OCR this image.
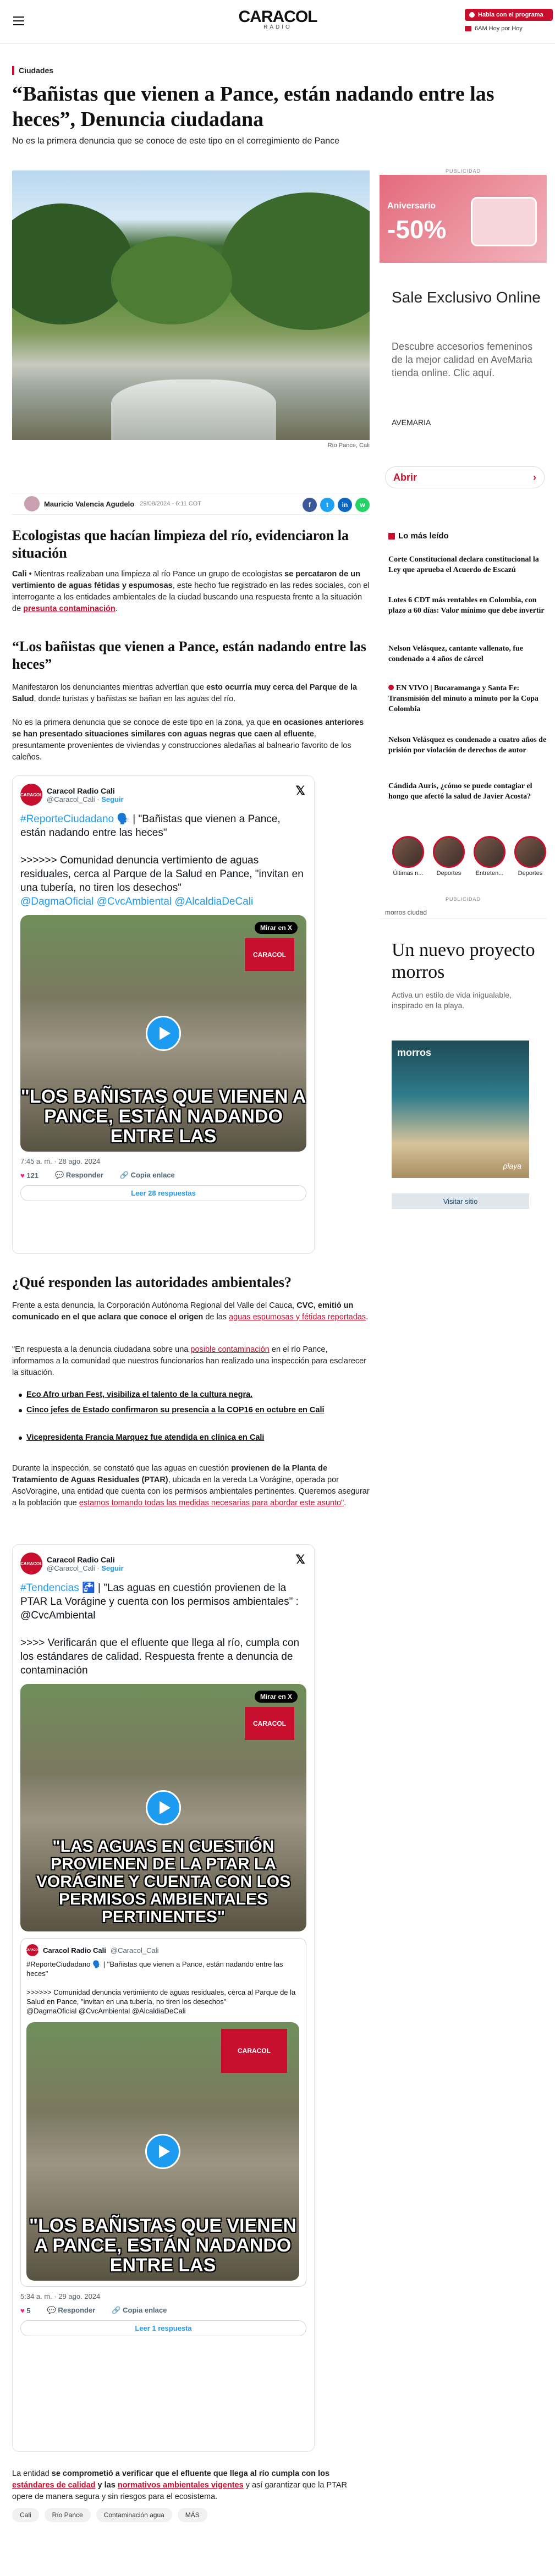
CARACOL
RADIO
Habla con el programa
6AM Hoy por Hoy
Ciudades
“Bañistas que vienen a Pance, están nadando entre las heces”, Denuncia ciudadana
No es la primera denuncia que se conoce de este tipo en el corregimiento de Pance
Río Pance, Cali
Mauricio Valencia Agudelo 29/08/2024 - 6:11 COT	f	t	in	w
Ecologistas que hacían limpieza del río, evidenciaron la situación
Cali • Mientras realizaban una limpieza al río Pance un grupo de ecologistas se percataron de un vertimiento de aguas fétidas y espumosas, este hecho fue registrado en las redes sociales, con el interrogante a los entidades ambientales de la ciudad buscando una respuesta frente a la situación de presunta contaminación.
“Los bañistas que vienen a Pance, están nadando entre las heces”
Manifestaron los denunciantes mientras advertían que esto ocurría muy cerca del Parque de la Salud, donde turistas y bañistas se bañan en las aguas del río.
No es la primera denuncia que se conoce de este tipo en la zona, ya que en ocasiones anteriores se han presentado situaciones similares con aguas negras que caen al efluente, presuntamente provenientes de viviendas y construcciones aledañas al balneario favorito de los caleños.
CARACOL Caracol Radio Cali
@Caracol_Cali · Seguir
𝕏
#ReporteCiudadano 🗣️ | "Bañistas que vienen a Pance, están nadando entre las heces"

>>>>>> Comunidad denuncia vertimiento de aguas residuales, cerca al Parque de la Salud en Pance, "invitan en una tubería, no tiren los desechos"
@DagmaOficial @CvcAmbiental @AlcaldiaDeCali
Mirar en X
CARACOL
"LOS BAÑISTAS QUE VIENEN A PANCE, ESTÁN NADANDO ENTRE LAS
7:45 a. m. · 28 ago. 2024
♥ 121 💬 Responder 🔗 Copia enlace
Leer 28 respuestas
¿Qué responden las autoridades ambientales?
Frente a esta denuncia, la Corporación Autónoma Regional del Valle del Cauca, CVC, emitió un comunicado en el que aclara que conoce el origen de las aguas espumosas y fétidas reportadas.
"En respuesta a la denuncia ciudadana sobre una posible contaminación en el río Pance, informamos a la comunidad que nuestros funcionarios han realizado una inspección para esclarecer la situación.
Eco Afro urban Fest, visibiliza el talento de la cultura negra.
Cinco jefes de Estado confirmaron su presencia a la COP16 en octubre en Cali
Vicepresidenta Francia Marquez fue atendida en clínica en Cali
Durante la inspección, se constató que las aguas en cuestión provienen de la Planta de Tratamiento de Aguas Residuales (PTAR), ubicada en la vereda La Vorágine, operada por AsoVoragine, una entidad que cuenta con los permisos ambientales pertinentes. Queremos asegurar a la población que estamos tomando todas las medidas necesarias para abordar este asunto".
CARACOL Caracol Radio Cali
@Caracol_Cali · Seguir
𝕏
#Tendencias 🚰 | "Las aguas en cuestión provienen de la PTAR La Vorágine y cuenta con los permisos ambientales" : @CvcAmbiental

>>>> Verificarán que el efluente que llega al río, cumpla con los estándares de calidad. Respuesta frente a denuncia de contaminación
Mirar en X
CARACOL
"LAS AGUAS EN CUESTIÓN PROVIENEN DE LA PTAR LA VORÁGINE Y CUENTA CON LOS PERMISOS AMBIENTALES PERTINENTES"
CARACOL Caracol Radio Cali @Caracol_Cali
#ReporteCiudadano 🗣️ | "Bañistas que vienen a Pance, están nadando entre las heces"

>>>>>> Comunidad denuncia vertimiento de aguas residuales, cerca al Parque de la Salud en Pance, "invitan en una tubería, no tiren los desechos"
@DagmaOficial @CvcAmbiental @AlcaldiaDeCali
CARACOL
"LOS BAÑISTAS QUE VIENEN A PANCE, ESTÁN NADANDO ENTRE LAS
5:34 a. m. · 29 ago. 2024
♥ 5 💬 Responder 🔗 Copia enlace
Leer 1 respuesta
La entidad se comprometió a verificar que el efluente que llega al río cumpla con los estándares de calidad y las normativos ambientales vigentes y así garantizar que la PTAR opere de manera segura y sin riesgos para el ecosistema.
Cali	Río Pance	Contaminación agua	MÁS
PUBLICIDAD
Aniversario
-50%
Sale Exclusivo Online
Descubre accesorios femeninos de la mejor calidad en AveMaria tienda online. Clic aquí.
AVEMARIA
Abrir	›
Lo más leído
Corte Constitucional declara constitucional la Ley que aprueba el Acuerdo de Escazú
Lotes 6 CDT más rentables en Colombia, con plazo a 60 días: Valor mínimo que debe invertir
Nelson Velásquez, cantante vallenato, fue condenado a 4 años de cárcel
EN VIVO | Bucaramanga y Santa Fe: Transmisión del minuto a minuto por la Copa Colombia
Nelson Velásquez es condenado a cuatro años de prisión por violación de derechos de autor
Cándida Auris, ¿cómo se puede contagiar el hongo que afectó la salud de Javier Acosta?
Últimas n...	Deportes	Entreten...	Deportes
PUBLICIDAD
morros ciudad
Un nuevo proyecto morros
Activa un estilo de vida inigualable, inspirado en la playa.
morros
playa
Visitar sitio
